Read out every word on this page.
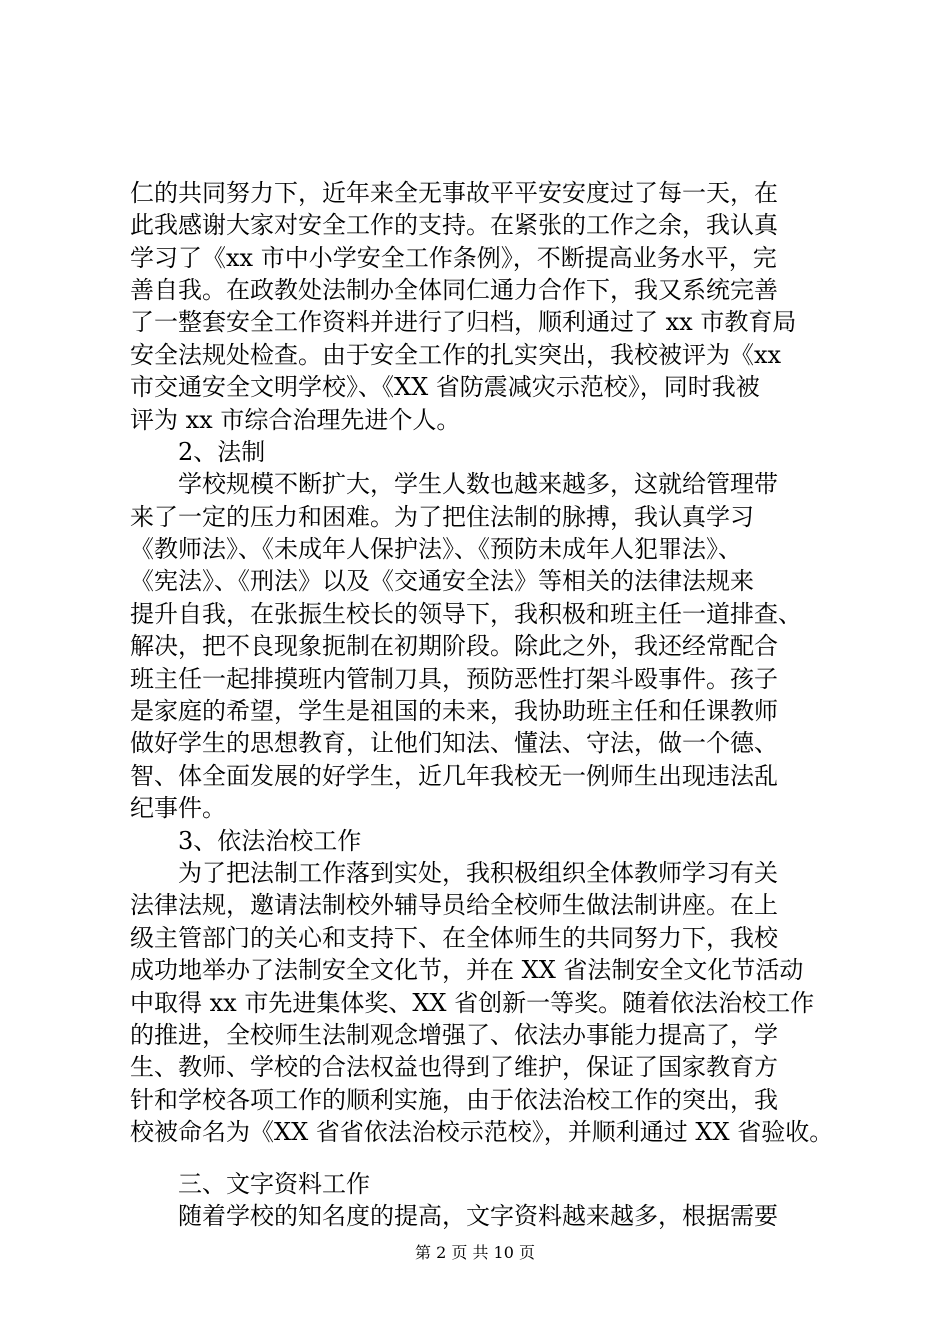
仁的共同努力下，近年来全无事故平平安安度过了每一天，在
此我感谢大家对安全工作的支持。在紧张的工作之余，我认真
学习了《xx 市中小学安全工作条例》，不断提高业务水平，完
善自我。在政教处法制办全体同仁通力合作下，我又系统完善
了一整套安全工作资料并进行了归档，顺利通过了 xx 市教育局
安全法规处检查。由于安全工作的扎实突出，我校被评为《xx
市交通安全文明学校》、《XX 省防震减灾示范校》，同时我被
评为 xx 市综合治理先进个人。
2、法制
学校规模不断扩大，学生人数也越来越多，这就给管理带
来了一定的压力和困难。为了把住法制的脉搏，我认真学习
《教师法》、《未成年人保护法》、《预防未成年人犯罪法》、
《宪法》、《刑法》以及《交通安全法》等相关的法律法规来
提升自我，在张振生校长的领导下，我积极和班主任一道排查、
解决，把不良现象扼制在初期阶段。除此之外，我还经常配合
班主任一起排摸班内管制刀具，预防恶性打架斗殴事件。孩子
是家庭的希望，学生是祖国的未来，我协助班主任和任课教师
做好学生的思想教育，让他们知法、懂法、守法，做一个德、
智、体全面发展的好学生，近几年我校无一例师生出现违法乱
纪事件。
3、依法治校工作
为了把法制工作落到实处，我积极组织全体教师学习有关
法律法规，邀请法制校外辅导员给全校师生做法制讲座。在上
级主管部门的关心和支持下、在全体师生的共同努力下，我校
成功地举办了法制安全文化节，并在 XX 省法制安全文化节活动
中取得 xx 市先进集体奖、XX 省创新一等奖。随着依法治校工作
的推进，全校师生法制观念增强了、依法办事能力提高了，学
生、教师、学校的合法权益也得到了维护，保证了国家教育方
针和学校各项工作的顺利实施，由于依法治校工作的突出，我
校被命名为《XX 省省依法治校示范校》，并顺利通过 XX 省验收。
三、文字资料工作
随着学校的知名度的提高，文字资料越来越多，根据需要
第 2 页 共 10 页
